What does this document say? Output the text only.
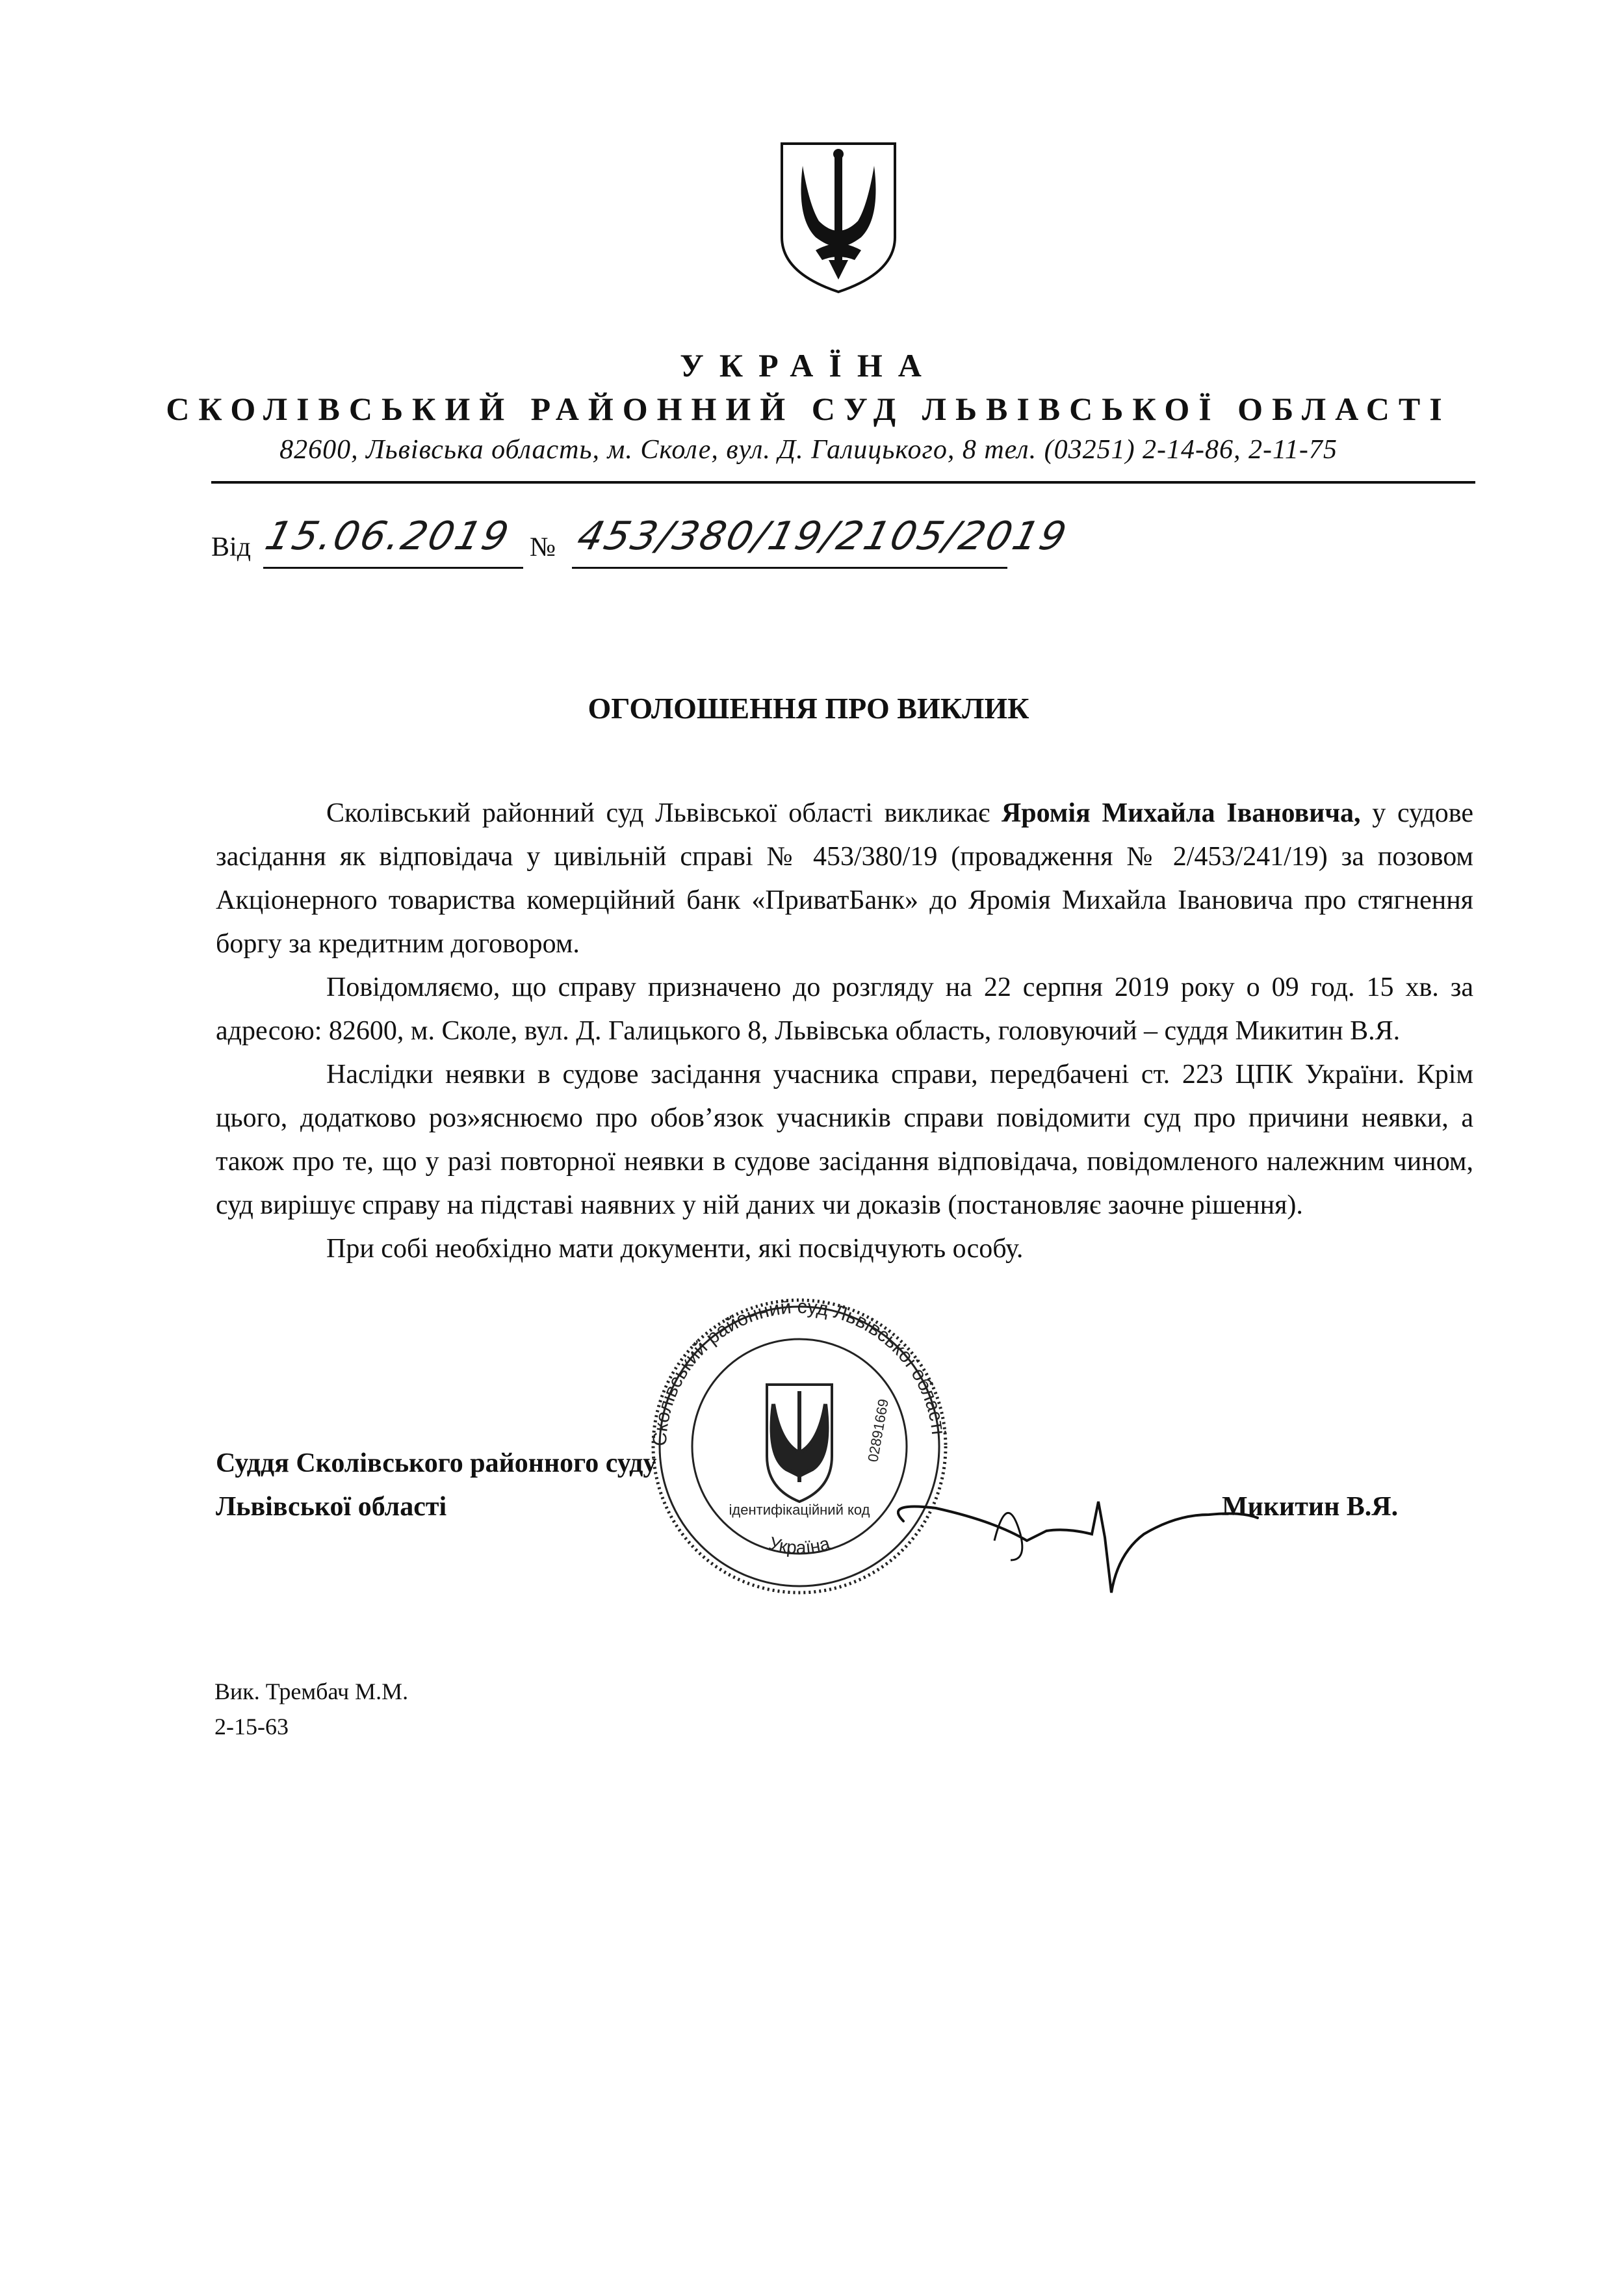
УКРАЇНА
СКОЛІВСЬКИЙ РАЙОННИЙ СУД ЛЬВІВСЬКОЇ ОБЛАСТІ
82600, Львівська область, м. Сколе, вул. Д. Галицького, 8 тел. (03251) 2-14-86, 2-11-75
Від 15.06.2019 № 453/380/19/2105/2019
ОГОЛОШЕННЯ ПРО ВИКЛИК

Сколівський районний суд Львівської області викликає Яромія Михайла Івановича, у судове засідання як відповідача у цивільній справі № 453/380/19 (провадження № 2/453/241/19) за позовом Акціонерного товариства комерційний банк «ПриватБанк» до Яромія Михайла Івановича про стягнення боргу за кредитним договором.

Повідомляємо, що справу призначено до розгляду на 22 серпня 2019 року о 09 год. 15 хв. за адресою: 82600, м. Сколе, вул. Д. Галицького 8, Львівська область, головуючий – суддя Микитин В.Я.

Наслідки неявки в судове засідання учасника справи, передбачені ст. 223 ЦПК України. Крім цього, додатково роз»яснюємо про обов’язок учасників справи повідомити суд про причини неявки, а також про те, що у разі повторної неявки в судове засідання відповідача, повідомленого належним чином, суд вирішує справу на підставі наявних у ній даних чи доказів (постановляє заочне рішення).

При собі необхідно мати документи, які посвідчують особу.

Сколівський районний суд Львівської області
Україна
ідентифікаційний код
02891669
Суддя Сколівського районного суду
Львівської області	Микитин В.Я.
Вик. Трембач М.М.
2-15-63
